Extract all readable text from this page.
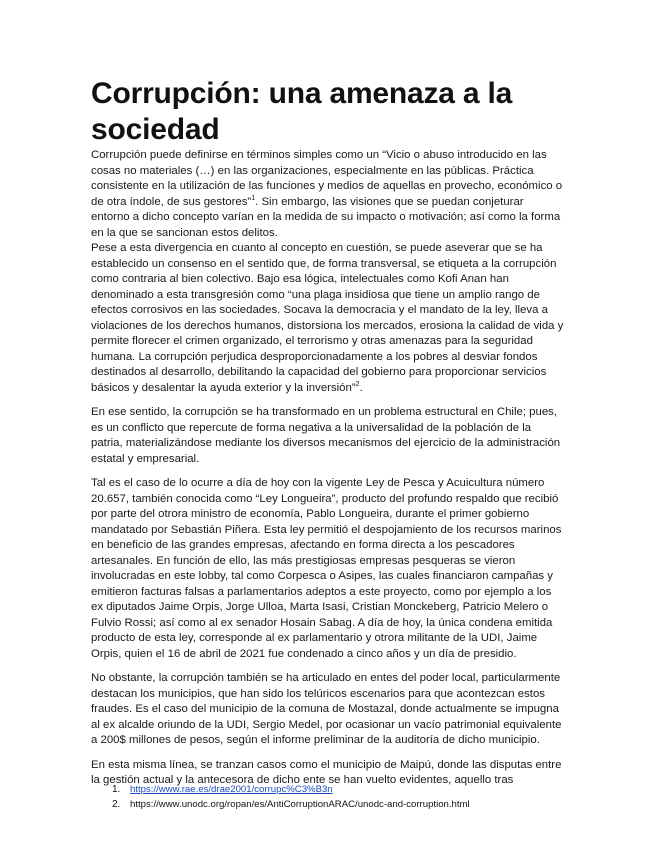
Corrupción: una amenaza a la sociedad

Corrupción puede definirse en términos simples como un “Vicio o abuso introducido en las cosas no materiales (…) en las organizaciones, especialmente en las públicas. Práctica consistente en la utilización de las funciones y medios de aquellas en provecho, económico o de otra índole, de sus gestores”$^1$. Sin embargo, las visiones que se puedan conjeturar entorno a dicho concepto varían en la medida de su impacto o motivación; así como la forma en la que se sancionan estos delitos.

Pese a esta divergencia en cuanto al concepto en cuestión, se puede aseverar que se ha establecido un consenso en el sentido que, de forma transversal, se etiqueta a la corrupción como contraria al bien colectivo. Bajo esa lógica, intelectuales como Kofi Anan han denominado a esta transgresión como “una plaga insidiosa que tiene un amplio rango de efectos corrosivos en las sociedades. Socava la democracia y el mandato de la ley, lleva a violaciones de los derechos humanos, distorsiona los mercados, erosiona la calidad de vida y permite florecer el crimen organizado, el terrorismo y otras amenazas para la seguridad humana. La corrupción perjudica desproporcionadamente a los pobres al desviar fondos destinados al desarrollo, debilitando la capacidad del gobierno para proporcionar servicios básicos y desalentar la ayuda exterior y la inversión”$^2$.

En ese sentido, la corrupción se ha transformado en un problema estructural en Chile; pues, es un conflicto que repercute de forma negativa a la universalidad de la población de la patria, materializándose mediante los diversos mecanismos del ejercicio de la administración estatal y empresarial.

Tal es el caso de lo ocurre a día de hoy con la vigente Ley de Pesca y Acuicultura número 20.657, también conocida como “Ley Longueira”, producto del profundo respaldo que recibió por parte del otrora ministro de economía, Pablo Longueira, durante el primer gobierno mandatado por Sebastián Piñera. Esta ley permitió el despojamiento de los recursos marinos en beneficio de las grandes empresas, afectando en forma directa a los pescadores artesanales. En función de ello, las más prestigiosas empresas pesqueras se vieron involucradas en este lobby, tal como Corpesca o Asipes, las cuales financiaron campañas y emitieron facturas falsas a parlamentarios adeptos a este proyecto, como por ejemplo a los ex diputados Jaime Orpis, Jorge Ulloa, Marta Isasi, Cristian Monckeberg, Patricio Melero o Fulvio Rossi; así como al ex senador Hosain Sabag. A día de hoy, la única condena emitida producto de esta ley, corresponde al ex parlamentario y otrora militante de la UDI, Jaime Orpis, quien el 16 de abril de 2021 fue condenado a cinco años y un día de presidio.

No obstante, la corrupción también se ha articulado en entes del poder local, particularmente destacan los municipios, que han sido los telúricos escenarios para que acontezcan estos fraudes. Es el caso del municipio de la comuna de Mostazal, donde actualmente se impugna al ex alcalde oriundo de la UDI, Sergio Medel, por ocasionar un vacío patrimonial equivalente a 200$ millones de pesos, según el informe preliminar de la auditoría de dicho municipio.

En esta misma línea, se tranzan casos como el municipio de Maipú, donde las disputas entre la gestión actual y la antecesora de dicho ente se han vuelto evidentes, aquello tras

1.	https://www.rae.es/drae2001/corrupc%C3%B3n
2.	https://www.unodc.org/ropan/es/AntiCorruptionARAC/unodc-and-corruption.html
